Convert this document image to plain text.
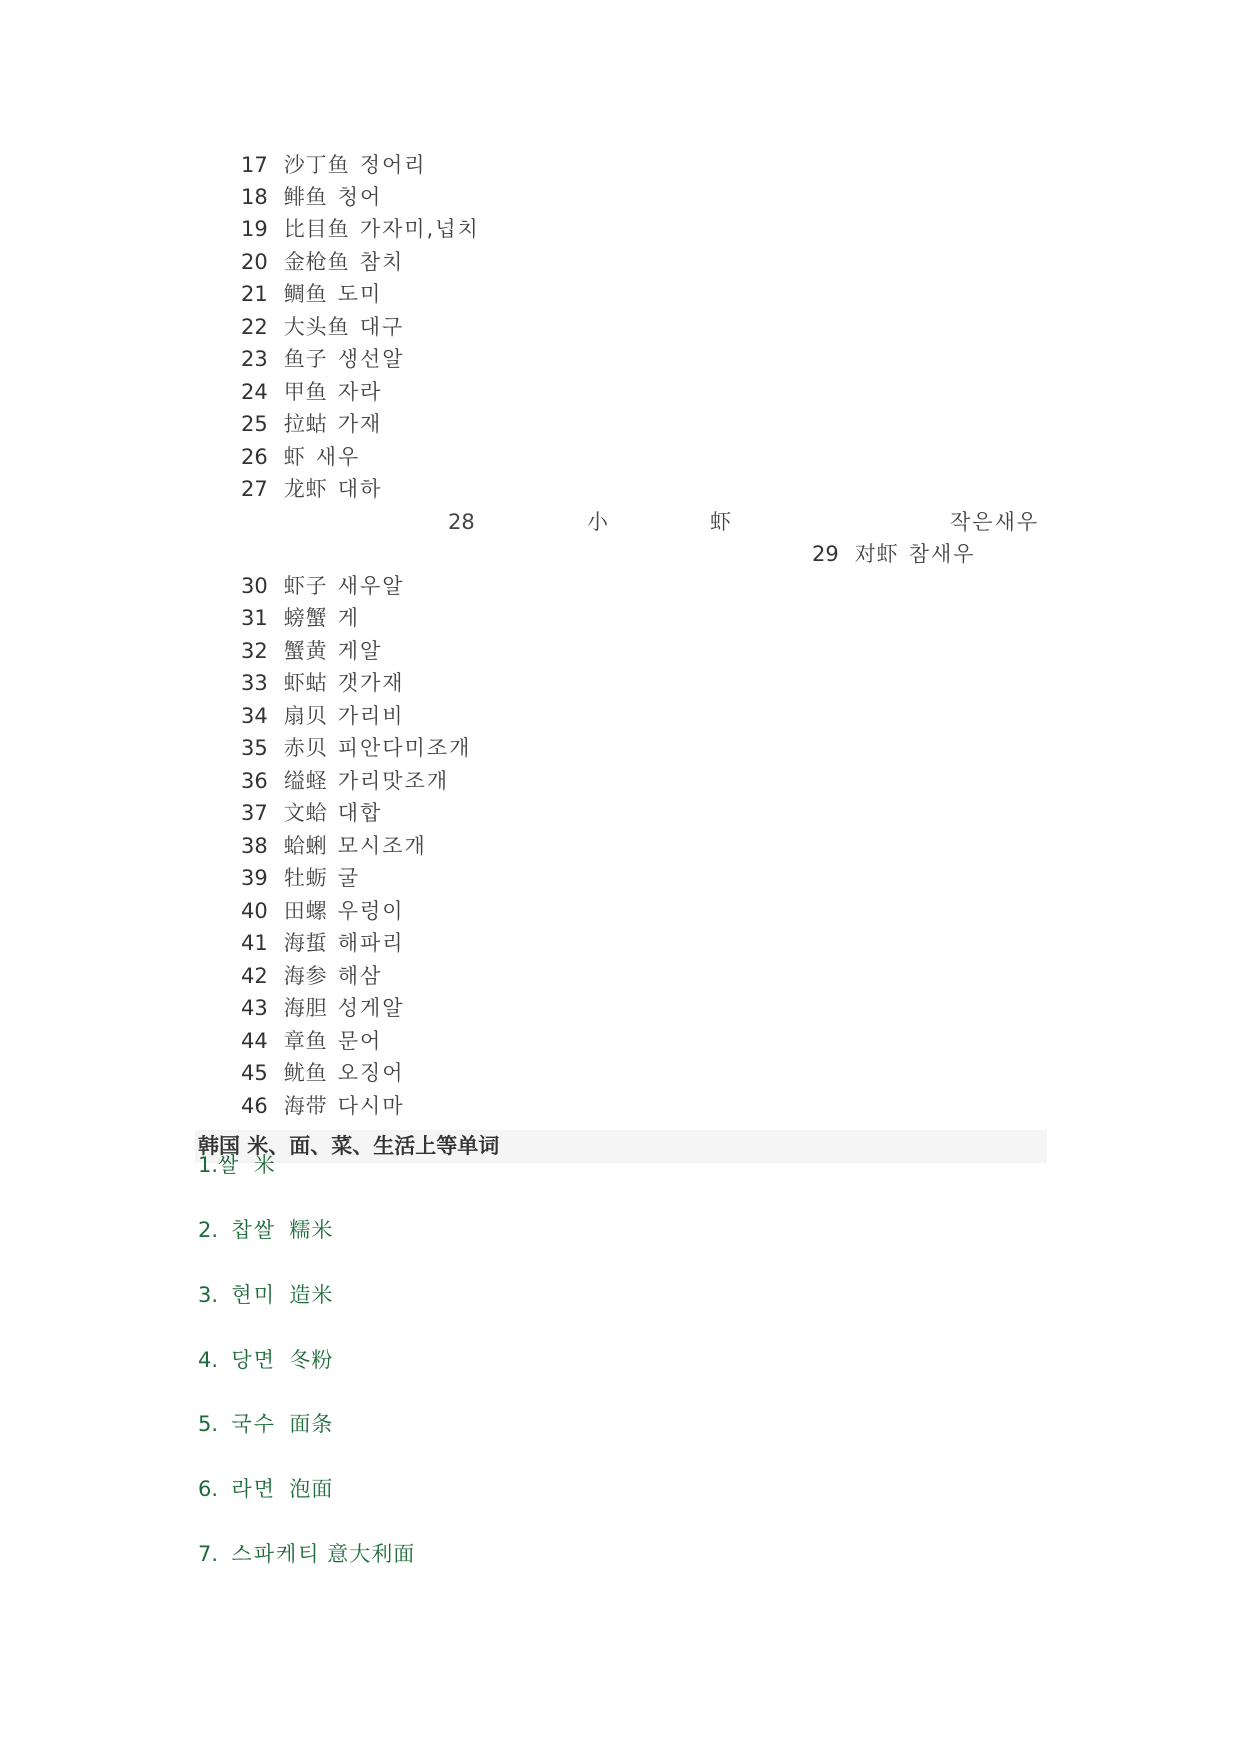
17 沙丁鱼 정어리
18 鲱鱼 청어
19 比目鱼 가자미,넙치
20 金枪鱼 참치
21 鲷鱼 도미
22 大头鱼 대구
23 鱼子 생선알
24 甲鱼 자라
25 拉蛄 가재
26 虾 새우
27 龙虾 대하
28	小	虾	작은새우
29 对虾 참새우
30 虾子 새우알
31 螃蟹 게
32 蟹黄 게알
33 虾蛄 갯가재
34 扇贝 가리비
35 赤贝 피안다미조개
36 缢蛏 가리맛조개
37 文蛤 대합
38 蛤蜊 모시조개
39 牡蛎 굴
40 田螺 우렁이
41 海蜇 해파리
42 海参 해삼
43 海胆 성게알
44 章鱼 문어
45 鱿鱼 오징어
46 海带 다시마
韩国 米、面、菜、生活上等单词
1.쌀 米
2. 찹쌀 糯米
3. 현미 造米
4. 당면 冬粉
5. 국수 面条
6. 라면 泡面
7. 스파케티 意大利面
